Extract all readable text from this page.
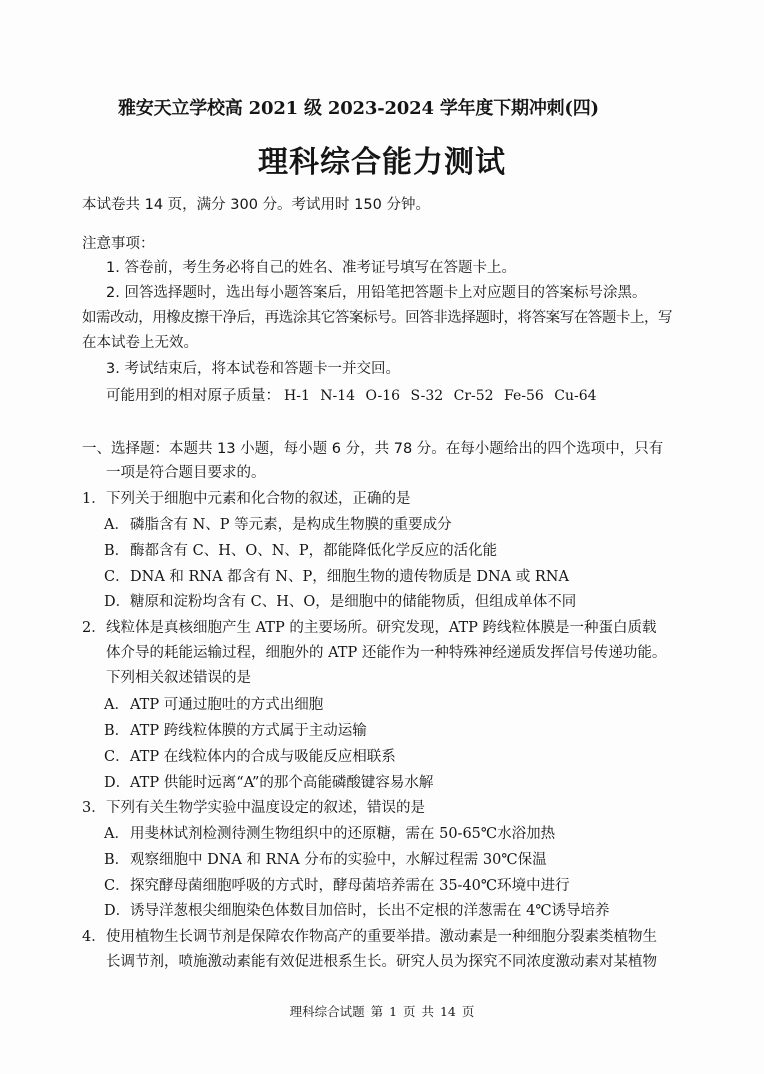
雅安天立学校高 2021 级 2023-2024 学年度下期冲刺(四)
理科综合能力测试
本试卷共 14 页，满分 300 分。考试用时 150 分钟。
注意事项：
1. 答卷前，考生务必将自己的姓名、准考证号填写在答题卡上。
2. 回答选择题时，选出每小题答案后，用铅笔把答题卡上对应题目的答案标号涂黑。
如需改动，用橡皮擦干净后，再选涂其它答案标号。回答非选择题时，将答案写在答题卡上，写
在本试卷上无效。
3. 考试结束后，将本试卷和答题卡一并交回。
可能用到的相对原子质量： H-1 N-14 O-16 S-32 Cr-52 Fe-56 Cu-64
一、选择题：本题共 13 小题，每小题 6 分，共 78 分。在每小题给出的四个选项中，只有
一项是符合题目要求的。
1．下列关于细胞中元素和化合物的叙述，正确的是
A．磷脂含有 N、P 等元素，是构成生物膜的重要成分
B．酶都含有 C、H、O、N、P，都能降低化学反应的活化能
C．DNA 和 RNA 都含有 N、P，细胞生物的遗传物质是 DNA 或 RNA
D．糖原和淀粉均含有 C、H、O，是细胞中的储能物质，但组成单体不同
2．线粒体是真核细胞产生 ATP 的主要场所。研究发现，ATP 跨线粒体膜是一种蛋白质载
体介导的耗能运输过程，细胞外的 ATP 还能作为一种特殊神经递质发挥信号传递功能。
下列相关叙述错误的是
A．ATP 可通过胞吐的方式出细胞
B．ATP 跨线粒体膜的方式属于主动运输
C．ATP 在线粒体内的合成与吸能反应相联系
D．ATP 供能时远离“A”的那个高能磷酸键容易水解
3．下列有关生物学实验中温度设定的叙述，错误的是
A．用斐林试剂检测待测生物组织中的还原糖，需在 50-65℃水浴加热
B．观察细胞中 DNA 和 RNA 分布的实验中，水解过程需 30℃保温
C．探究酵母菌细胞呼吸的方式时，酵母菌培养需在 35-40℃环境中进行
D．诱导洋葱根尖细胞染色体数目加倍时，长出不定根的洋葱需在 4℃诱导培养
4．使用植物生长调节剂是保障农作物高产的重要举措。激动素是一种细胞分裂素类植物生
长调节剂，喷施激动素能有效促进根系生长。研究人员为探究不同浓度激动素对某植物
理科综合试题 第 1 页 共 14 页
